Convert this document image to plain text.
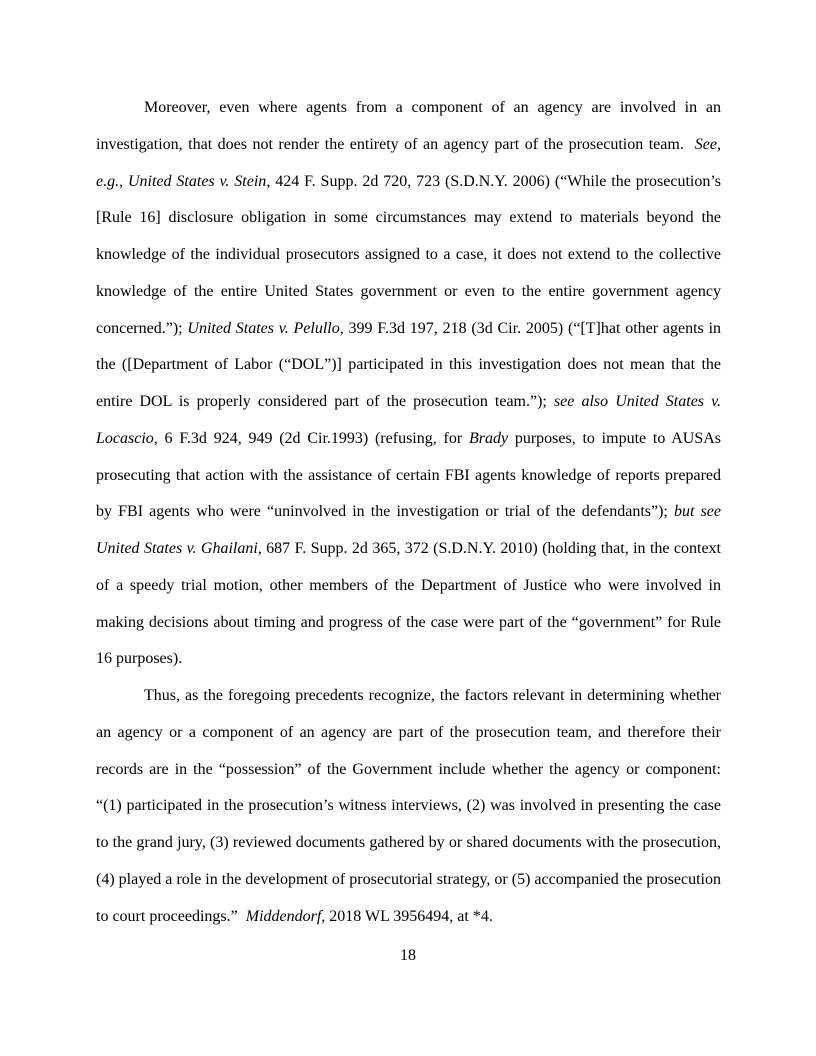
Moreover, even where agents from a component of an agency are involved in an investigation, that does not render the entirety of an agency part of the prosecution team.  See, e.g., United States v. Stein, 424 F. Supp. 2d 720, 723 (S.D.N.Y. 2006) (“While the prosecution’s [Rule 16] disclosure obligation in some circumstances may extend to materials beyond the knowledge of the individual prosecutors assigned to a case, it does not extend to the collective knowledge of the entire United States government or even to the entire government agency concerned.”); United States v. Pelullo, 399 F.3d 197, 218 (3d Cir. 2005) (“[T]hat other agents in the ([Department of Labor (“DOL”)] participated in this investigation does not mean that the entire DOL is properly considered part of the prosecution team.”); see also United States v. Locascio, 6 F.3d 924, 949 (2d Cir.1993) (refusing, for Brady purposes, to impute to AUSAs prosecuting that action with the assistance of certain FBI agents knowledge of reports prepared by FBI agents who were “uninvolved in the investigation or trial of the defendants”); but see United States v. Ghailani, 687 F. Supp. 2d 365, 372 (S.D.N.Y. 2010) (holding that, in the context of a speedy trial motion, other members of the Department of Justice who were involved in making decisions about timing and progress of the case were part of the “government” for Rule 16 purposes).

Thus, as the foregoing precedents recognize, the factors relevant in determining whether an agency or a component of an agency are part of the prosecution team, and therefore their records are in the “possession” of the Government include whether the agency or component: “(1) participated in the prosecution’s witness interviews, (2) was involved in presenting the case to the grand jury, (3) reviewed documents gathered by or shared documents with the prosecution, (4) played a role in the development of prosecutorial strategy, or (5) accompanied the prosecution to court proceedings.”  Middendorf, 2018 WL 3956494, at *4.

18
